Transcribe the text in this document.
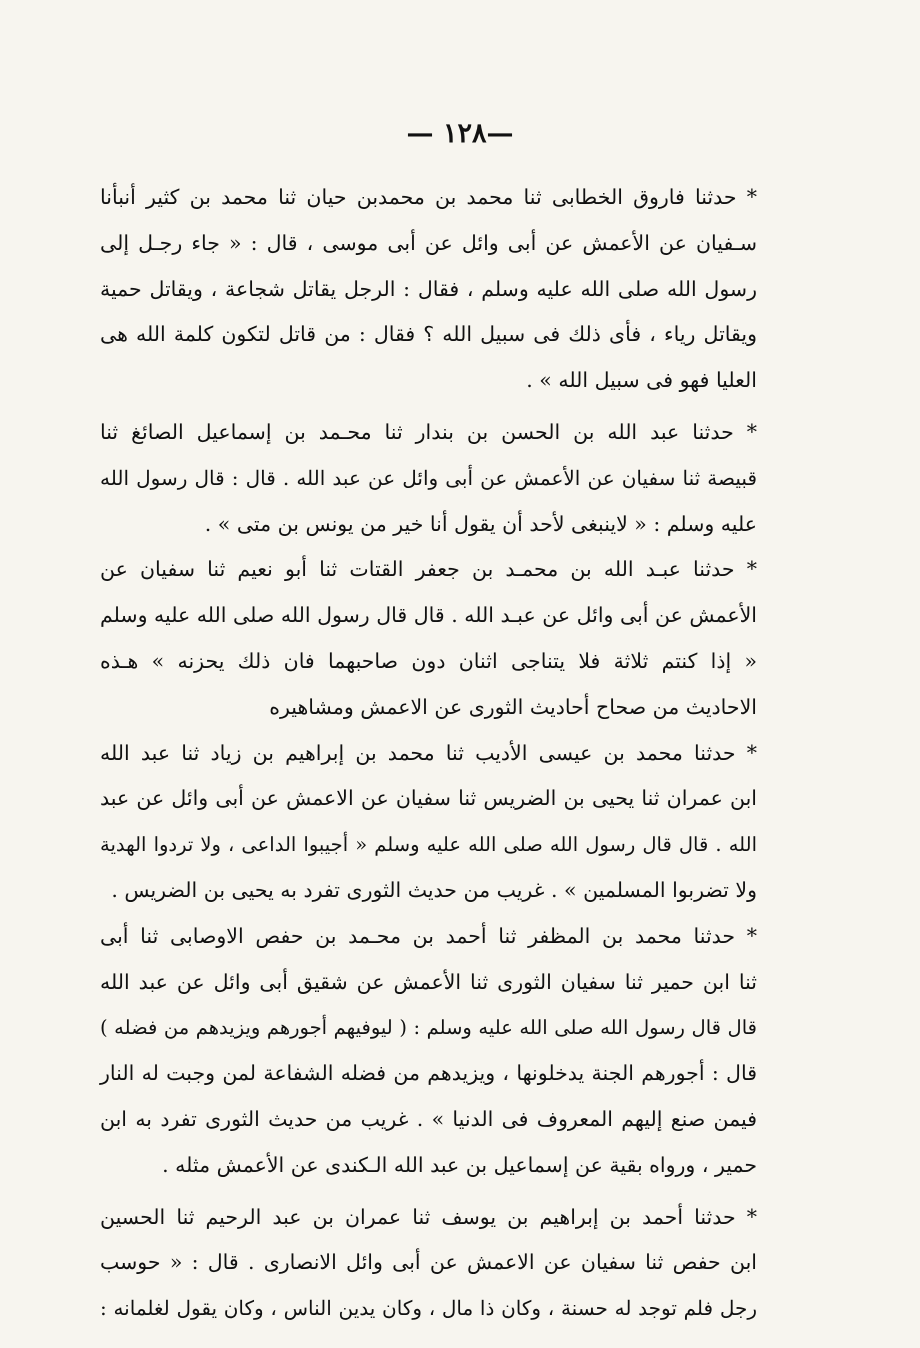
—١٢٨ —
* حدثنا فاروق الخطابى ثنا محمد بن محمدبن حيان ثنا محمد بن كثير أنبأنا
سـفيان عن الأعمش عن أبى وائل عن أبى موسى ، قال : « جاء رجـل إلى
رسول الله صلى الله عليه وسلم ، فقال : الرجل يقاتل شجاعة ، ويقاتل حمية
ويقاتل رياء ، فأى ذلك فى سبيل الله ؟ فقال : من قاتل لتكون كلمة الله هى
العليا فهو فى سبيل الله » .
* حدثنا عبد الله بن الحسن بن بندار ثنا محـمد بن إسماعيل الصائغ ثنا
قبيصة ثنا سفيان عن الأعمش عن أبى وائل عن عبد الله . قال : قال رسول الله
عليه وسلم : « لاينبغى لأحد أن يقول أنا خير من يونس بن متى » .
* حدثنا عبـد الله بن محمـد بن جعفر القتات ثنا أبو نعيم ثنا سفيان عن
الأعمش عن أبى وائل عن عبـد الله . قال قال رسول الله صلى الله عليه وسلم
« إذا كنتم ثلاثة فلا يتناجى اثنان دون صاحبهما فان ذلك يحزنه » هـذه
الاحاديث من صحاح أحاديث الثورى عن الاعمش ومشاهيره
* حدثنا محمد بن عيسى الأديب ثنا محمد بن إبراهيم بن زياد ثنا عبد الله
ابن عمران ثنا يحيى بن الضريس ثنا سفيان عن الاعمش عن أبى وائل عن عبد
الله . قال قال رسول الله صلى الله عليه وسلم « أجيبوا الداعى ، ولا تردوا الهدية
ولا تضربوا المسلمين » . غريب من حديث الثورى تفرد به يحيى بن الضريس .
* حدثنا محمد بن المظفر ثنا أحمد بن محـمد بن حفص الاوصابى ثنا أبى
ثنا ابن حمير ثنا سفيان الثورى ثنا الأعمش عن شقيق أبى وائل عن عبد الله
قال قال رسول الله صلى الله عليه وسلم : ( ليوفيهم أجورهم ويزيدهم من فضله )
قال : أجورهم الجنة يدخلونها ، ويزيدهم من فضله الشفاعة لمن وجبت له النار
فيمن صنع إليهم المعروف فى الدنيا » . غريب من حديث الثورى تفرد به ابن
حمير ، ورواه بقية عن إسماعيل بن عبد الله الـكندى عن الأعمش مثله .
* حدثنا أحمد بن إبراهيم بن يوسف ثنا عمران بن عبد الرحيم ثنا الحسين
ابن حفص ثنا سفيان عن الاعمش عن أبى وائل الانصارى . قال : « حوسب
رجل فلم توجد له حسنة ، وكان ذا مال ، وكان يدين الناس ، وكان يقول لغلمانه :
